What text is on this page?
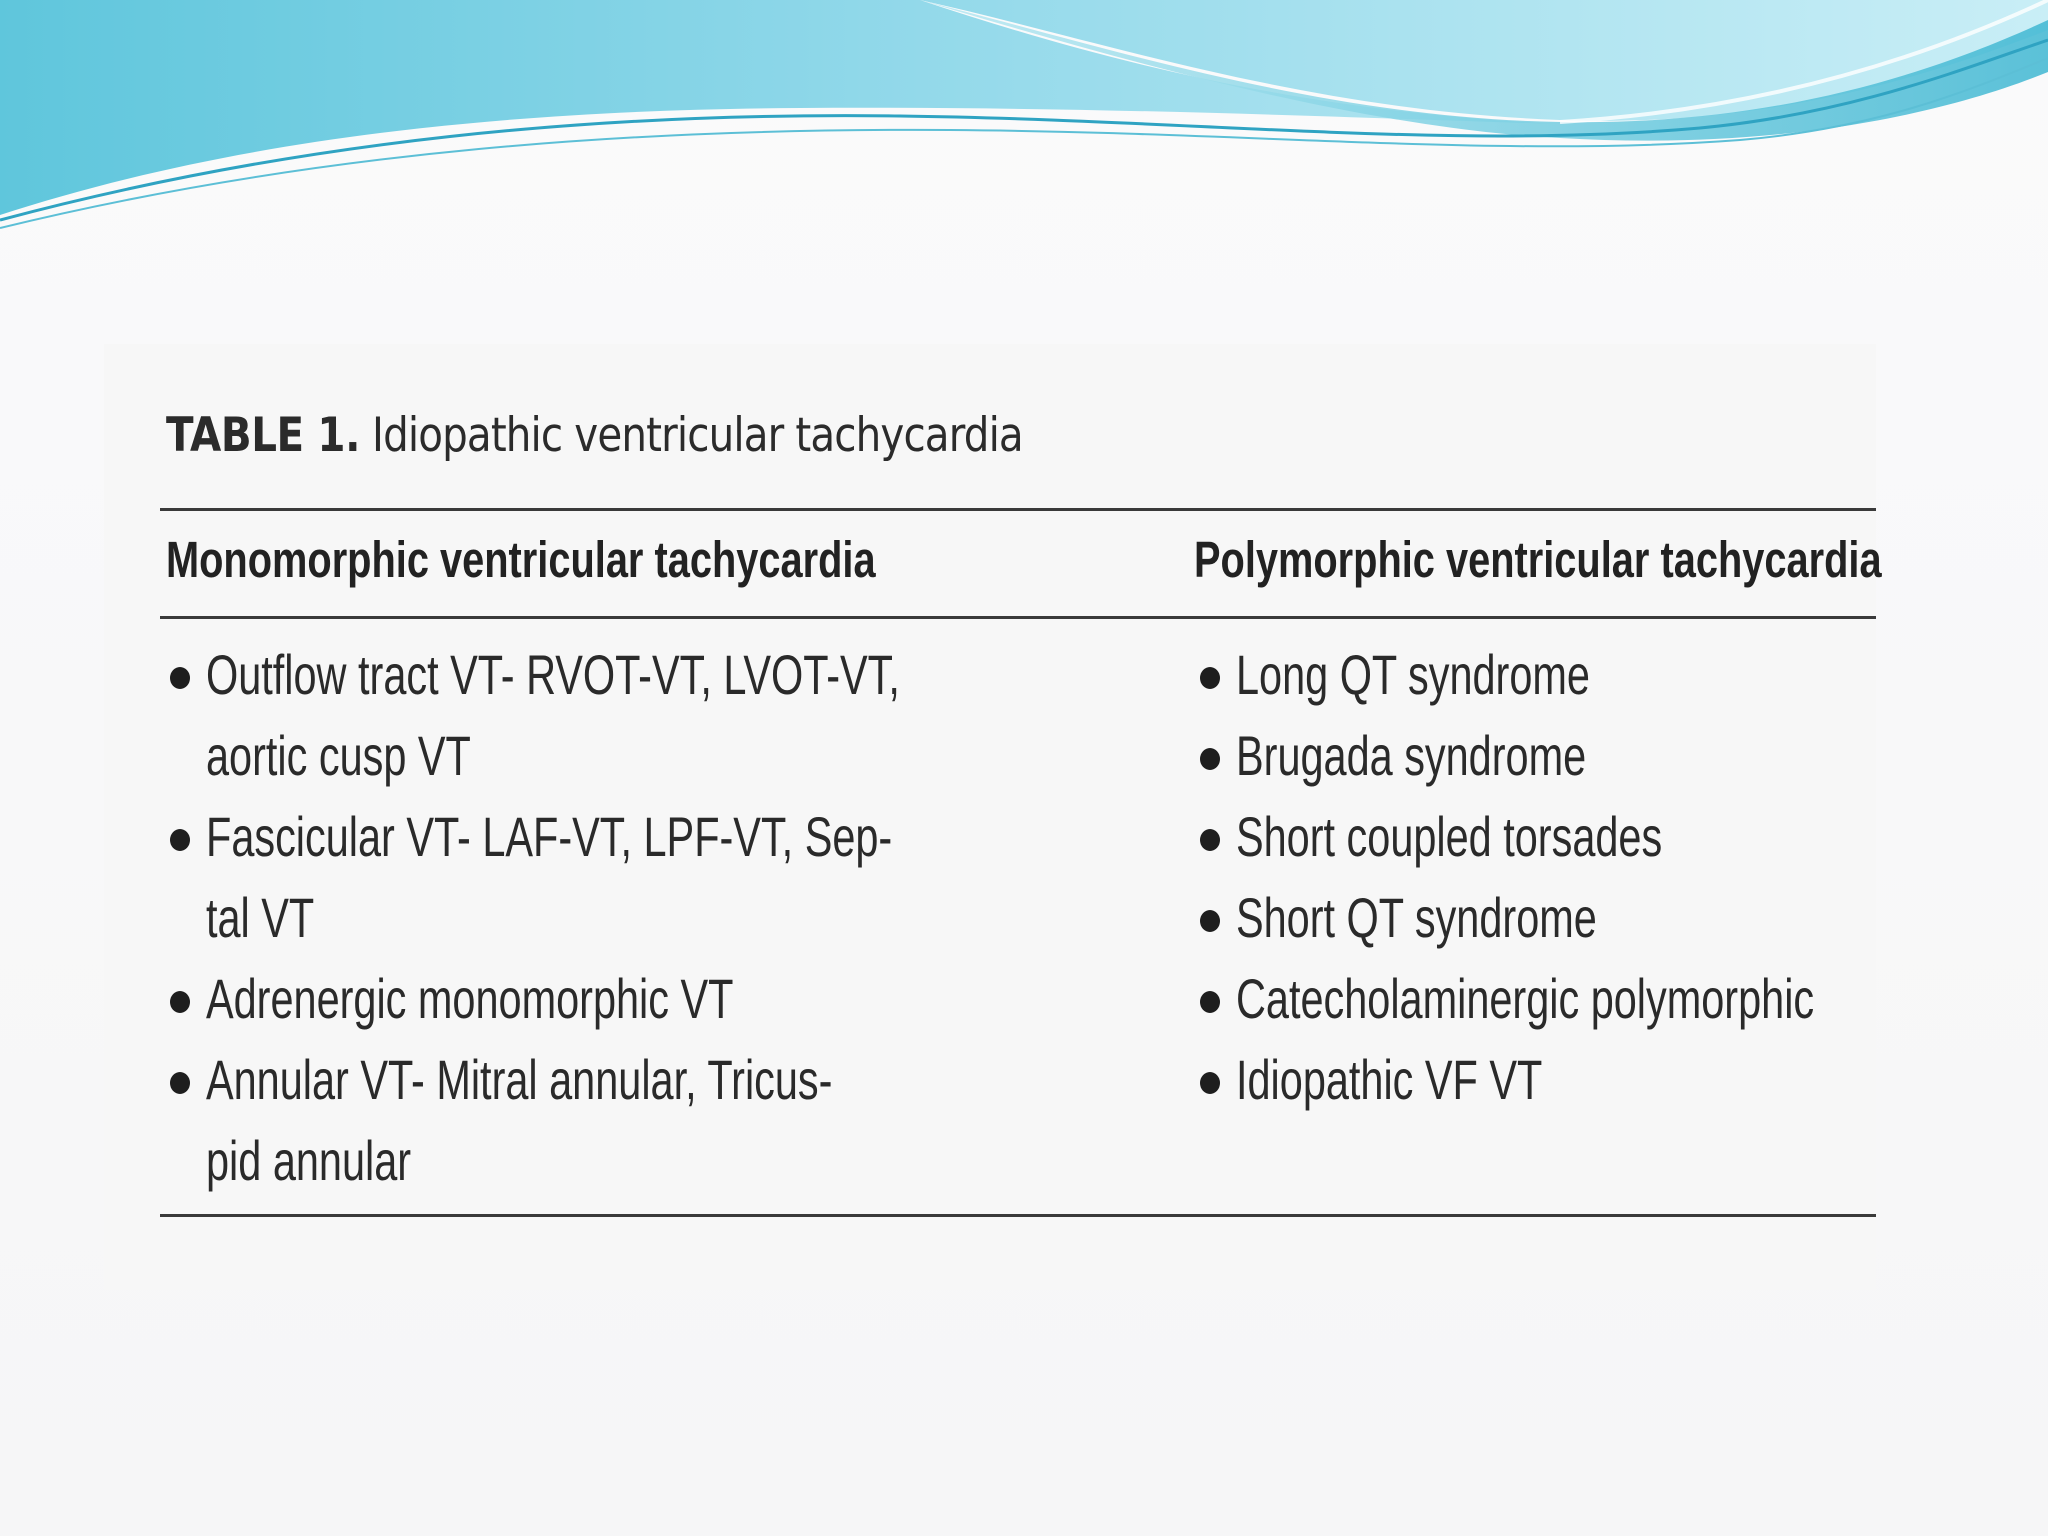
TABLE 1. Idiopathic ventricular tachycardia
Monomorphic ventricular tachycardia	Polymorphic ventricular tachycardia
Outflow tract VT- RVOT-VT, LVOT-VT,
aortic cusp VT
Fascicular VT- LAF-VT, LPF-VT, Sep-
tal VT
Adrenergic monomorphic VT
Annular VT- Mitral annular, Tricus-
pid annular
Long QT syndrome
Brugada syndrome
Short coupled torsades
Short QT syndrome
Catecholaminergic polymorphic
Idiopathic VF VT
